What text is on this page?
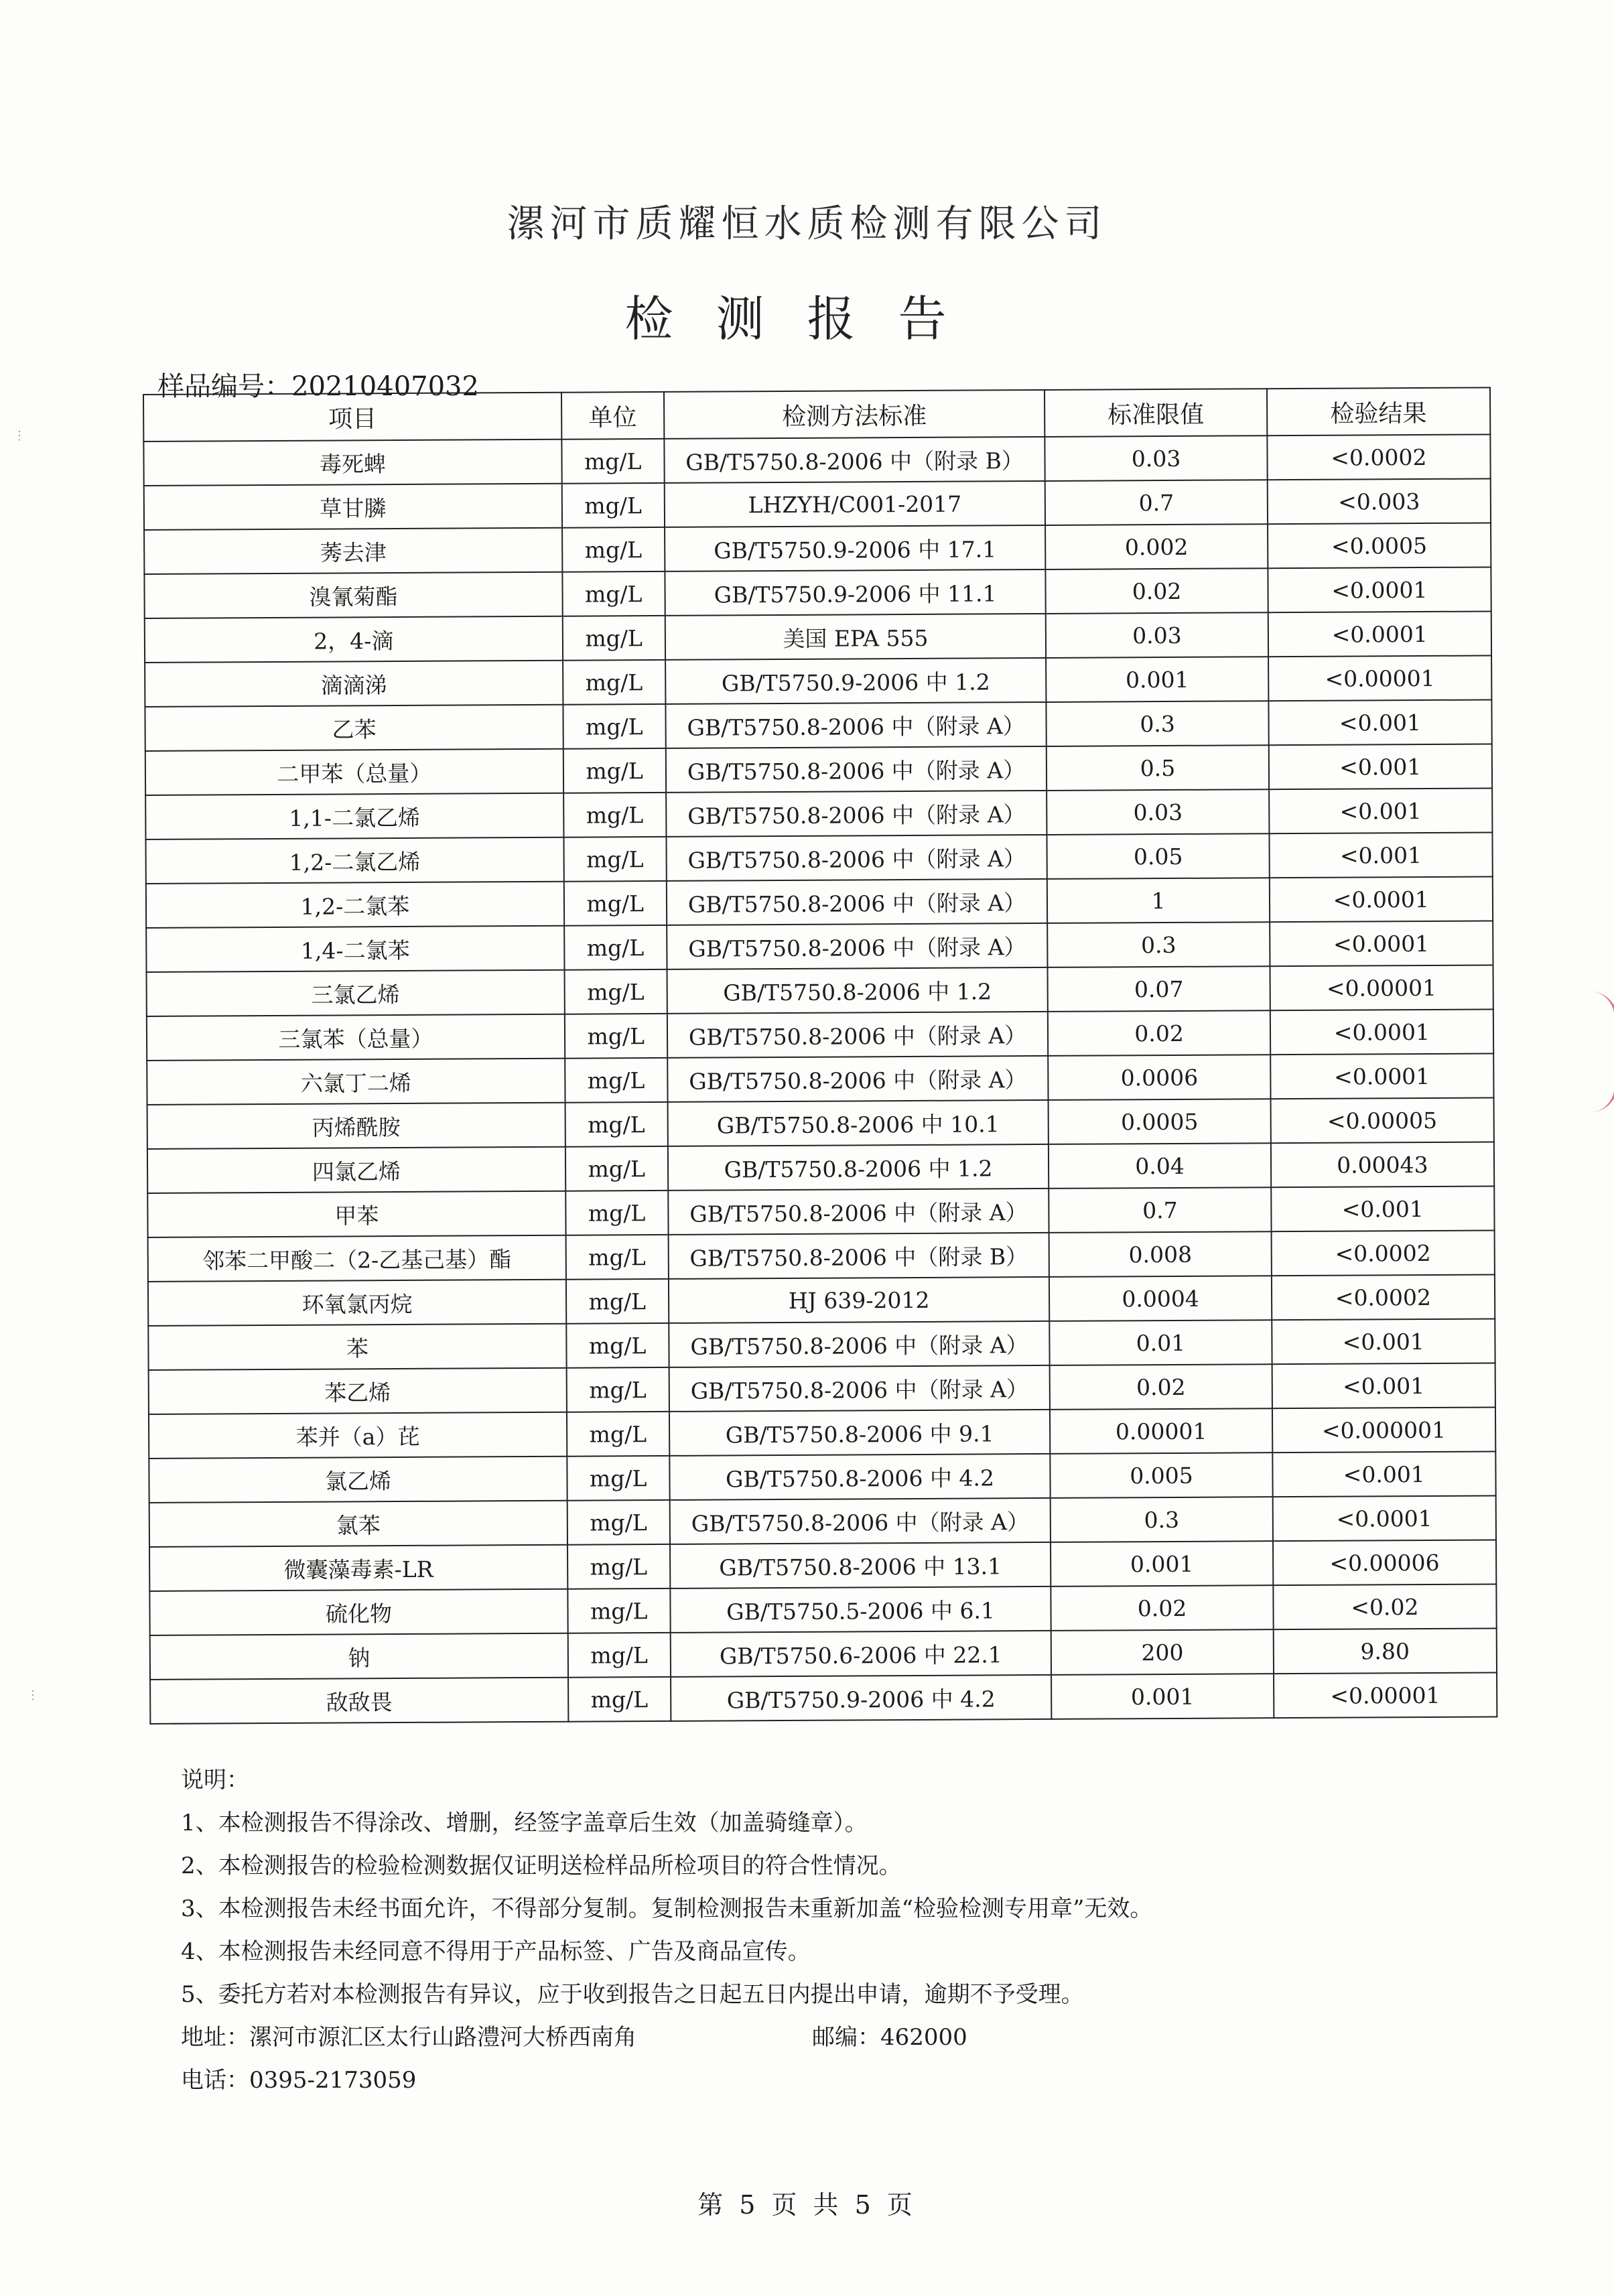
漯河市质耀恒水质检测有限公司
检测报告
样品编号：20210407032
项目	单位	检测方法标准	标准限值	检验结果
毒死蜱	mg/L	GB/T5750.8-2006 中（附录 B）	0.03	<0.0002
草甘膦	mg/L	LHZYH/C001-2017	0.7	<0.003
莠去津	mg/L	GB/T5750.9-2006 中 17.1	0.002	<0.0005
溴氰菊酯	mg/L	GB/T5750.9-2006 中 11.1	0.02	<0.0001
2，4-滴	mg/L	美国 EPA 555	0.03	<0.0001
滴滴涕	mg/L	GB/T5750.9-2006 中 1.2	0.001	<0.00001
乙苯	mg/L	GB/T5750.8-2006 中（附录 A）	0.3	<0.001
二甲苯（总量）	mg/L	GB/T5750.8-2006 中（附录 A）	0.5	<0.001
1,1-二氯乙烯	mg/L	GB/T5750.8-2006 中（附录 A）	0.03	<0.001
1,2-二氯乙烯	mg/L	GB/T5750.8-2006 中（附录 A）	0.05	<0.001
1,2-二氯苯	mg/L	GB/T5750.8-2006 中（附录 A）	1	<0.0001
1,4-二氯苯	mg/L	GB/T5750.8-2006 中（附录 A）	0.3	<0.0001
三氯乙烯	mg/L	GB/T5750.8-2006 中 1.2	0.07	<0.00001
三氯苯（总量）	mg/L	GB/T5750.8-2006 中（附录 A）	0.02	<0.0001
六氯丁二烯	mg/L	GB/T5750.8-2006 中（附录 A）	0.0006	<0.0001
丙烯酰胺	mg/L	GB/T5750.8-2006 中 10.1	0.0005	<0.00005
四氯乙烯	mg/L	GB/T5750.8-2006 中 1.2	0.04	0.00043
甲苯	mg/L	GB/T5750.8-2006 中（附录 A）	0.7	<0.001
邻苯二甲酸二（2-乙基己基）酯	mg/L	GB/T5750.8-2006 中（附录 B）	0.008	<0.0002
环氧氯丙烷	mg/L	HJ 639-2012	0.0004	<0.0002
苯	mg/L	GB/T5750.8-2006 中（附录 A）	0.01	<0.001
苯乙烯	mg/L	GB/T5750.8-2006 中（附录 A）	0.02	<0.001
苯并（a）芘	mg/L	GB/T5750.8-2006 中 9.1	0.00001	<0.000001
氯乙烯	mg/L	GB/T5750.8-2006 中 4.2	0.005	<0.001
氯苯	mg/L	GB/T5750.8-2006 中（附录 A）	0.3	<0.0001
微囊藻毒素-LR	mg/L	GB/T5750.8-2006 中 13.1	0.001	<0.00006
硫化物	mg/L	GB/T5750.5-2006 中 6.1	0.02	<0.02
钠	mg/L	GB/T5750.6-2006 中 22.1	200	9.80
敌敌畏	mg/L	GB/T5750.9-2006 中 4.2	0.001	<0.00001
说明：
1、本检测报告不得涂改、增删，经签字盖章后生效（加盖骑缝章）。
2、本检测报告的检验检测数据仅证明送检样品所检项目的符合性情况。
3、本检测报告未经书面允许，不得部分复制。复制检测报告未重新加盖“检验检测专用章”无效。
4、本检测报告未经同意不得用于产品标签、广告及商品宣传。
5、委托方若对本检测报告有异议，应于收到报告之日起五日内提出申请，逾期不予受理。
地址：漯河市源汇区太行山路澧河大桥西南角	邮编：462000
电话：0395-2173059
第 5 页 共 5 页
⋮
⋮
